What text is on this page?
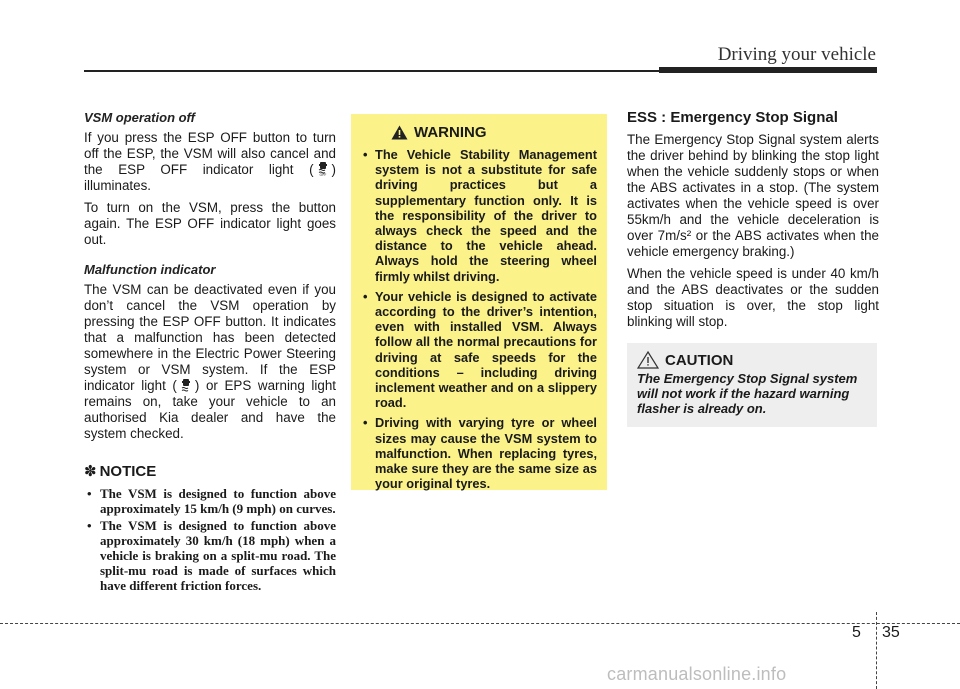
Driving your vehicle
VSM operation off

If you press the ESP OFF button to turn off the ESP, the VSM will also cancel and the ESP OFF indicator light ( OFF ) illuminates.

To turn on the VSM, press the button again. The ESP OFF indicator light goes out.

Malfunction indicator

The VSM can be deactivated even if you don’t cancel the VSM operation by pressing the ESP OFF button. It indicates that a malfunction has been detected somewhere in the Electric Power Steering system or VSM system. If the ESP indicator light ( ) or EPS warning light remains on, take your vehicle to an authorised Kia dealer and have the system checked.

✽ NOTICE
• The VSM is designed to function above approximately 15 km/h (9 mph) on curves.
• The VSM is designed to function above approximately 30 km/h (18 mph) when a vehicle is braking on a split-mu road. The split-mu road is made of surfaces which have different friction forces.
WARNING
• The Vehicle Stability Management system is not a substitute for safe driving practices but a supplementary function only. It is the responsibility of the driver to always check the speed and the distance to the vehicle ahead. Always hold the steering wheel firmly whilst driving.
• Your vehicle is designed to activate according to the driver’s intention, even with installed VSM. Always follow all the normal precautions for driving at safe speeds for the conditions – including driving inclement weather and on a slippery road.
• Driving with varying tyre or wheel sizes may cause the VSM system to malfunction. When replacing tyres, make sure they are the same size as your original tyres.
ESS : Emergency Stop Signal

The Emergency Stop Signal system alerts the driver behind by blinking the stop light when the vehicle suddenly stops or when the ABS activates in a stop. (The system activates when the vehicle speed is over 55km/h and the vehicle deceleration is over 7m/s² or the ABS activates when the vehicle emergency braking.)

When the vehicle speed is under 40 km/h and the ABS deactivates or the sudden stop situation is over, the stop light blinking will stop.

CAUTION
The Emergency Stop Signal system will not work if the hazard warning flasher is already on.
5 35
carmanualsonline.info
